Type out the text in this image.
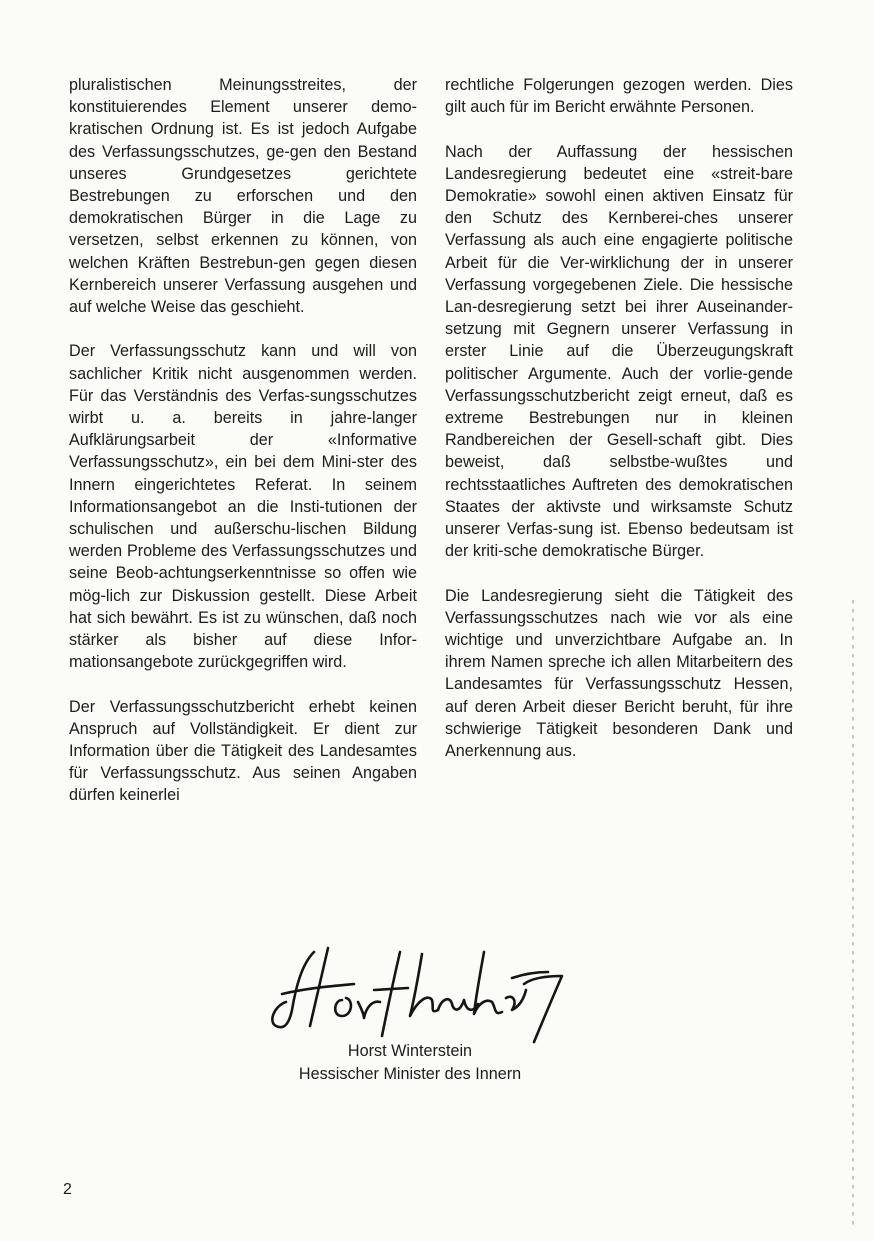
pluralistischen Meinungsstreites, der konstituierendes Element unserer demo-kratischen Ordnung ist. Es ist jedoch Aufgabe des Verfassungsschutzes, ge-gen den Bestand unseres Grundgesetzes gerichtete Bestrebungen zu erforschen und den demokratischen Bürger in die Lage zu versetzen, selbst erkennen zu können, von welchen Kräften Bestrebun-gen gegen diesen Kernbereich unserer Verfassung ausgehen und auf welche Weise das geschieht.

Der Verfassungsschutz kann und will von sachlicher Kritik nicht ausgenommen werden. Für das Verständnis des Verfas-sungsschutzes wirbt u. a. bereits in jahre-langer Aufklärungsarbeit der «Informative Verfassungsschutz», ein bei dem Mini-ster des Innern eingerichtetes Referat. In seinem Informationsangebot an die Insti-tutionen der schulischen und außerschu-lischen Bildung werden Probleme des Verfassungsschutzes und seine Beob-achtungserkenntnisse so offen wie mög-lich zur Diskussion gestellt. Diese Arbeit hat sich bewährt. Es ist zu wünschen, daß noch stärker als bisher auf diese Infor-mationsangebote zurückgegriffen wird.

Der Verfassungsschutzbericht erhebt keinen Anspruch auf Vollständigkeit. Er dient zur Information über die Tätigkeit des Landesamtes für Verfassungsschutz. Aus seinen Angaben dürfen keinerlei

rechtliche Folgerungen gezogen werden. Dies gilt auch für im Bericht erwähnte Personen.

Nach der Auffassung der hessischen Landesregierung bedeutet eine «streit-bare Demokratie» sowohl einen aktiven Einsatz für den Schutz des Kernberei-ches unserer Verfassung als auch eine engagierte politische Arbeit für die Ver-wirklichung der in unserer Verfassung vorgegebenen Ziele. Die hessische Lan-desregierung setzt bei ihrer Auseinander-setzung mit Gegnern unserer Verfassung in erster Linie auf die Überzeugungskraft politischer Argumente. Auch der vorlie-gende Verfassungsschutzbericht zeigt erneut, daß es extreme Bestrebungen nur in kleinen Randbereichen der Gesell-schaft gibt. Dies beweist, daß selbstbe-wußtes und rechtsstaatliches Auftreten des demokratischen Staates der aktivste und wirksamste Schutz unserer Verfas-sung ist. Ebenso bedeutsam ist der kriti-sche demokratische Bürger.

Die Landesregierung sieht die Tätigkeit des Verfassungsschutzes nach wie vor als eine wichtige und unverzichtbare Aufgabe an. In ihrem Namen spreche ich allen Mitarbeitern des Landesamtes für Verfassungsschutz Hessen, auf deren Arbeit dieser Bericht beruht, für ihre schwierige Tätigkeit besonderen Dank und Anerkennung aus.

Horst Winterstein
Hessischer Minister des Innern
2
